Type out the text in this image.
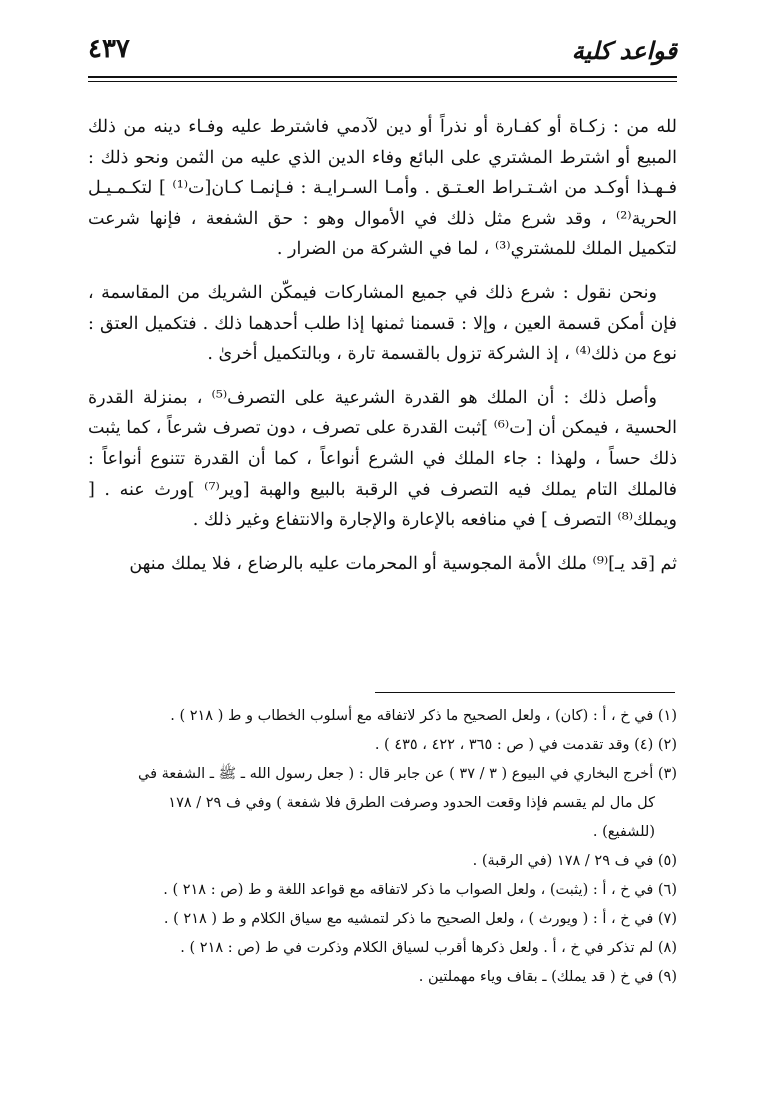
قواعد كلية
٤٣٧

لله من : زكـاة أو كفـارة أو نذراً أو دين لآدمي فاشترط عليه وفـاء دينه من ذلك المبيع أو اشترط المشتري على البائع وفاء الدين الذي عليه من الثمن ونحو ذلك : فـهـذا أوكـد من اشـتـراط العـتـق . وأمـا السـرايـة : فـإنمـا كـان[ت⁽¹⁾ ] لتكـمـيـل الحرية⁽²⁾ ، وقد شرع مثل ذلك في الأموال وهو : حق الشفعة ، فإنها شرعت لتكميل الملك للمشتري⁽³⁾ ، لما في الشركة من الضرار .

ونحن نقول : شرع ذلك في جميع المشاركات فيمكّن الشريك من المقاسمة ، فإن أمكن قسمة العين ، وإلا : قسمنا ثمنها إذا طلب أحدهما ذلك . فتكميل العتق : نوع من ذلك⁽⁴⁾ ، إذ الشركة تزول بالقسمة تارة ، وبالتكميل أخرىٰ .

وأصل ذلك : أن الملك هو القدرة الشرعية على التصرف⁽⁵⁾ ، بمنزلة القدرة الحسية ، فيمكن أن [ت⁽⁶⁾ ]ثبت القدرة على تصرف ، دون تصرف شرعاً ، كما يثبت ذلك حساً ، ولهذا : جاء الملك في الشرع أنواعاً ، كما أن القدرة تتنوع أنواعاً : فالملك التام يملك فيه التصرف في الرقبة بالبيع والهبة [وير⁽⁷⁾ ]ورث عنه . [ ويملك⁽⁸⁾ التصرف ] في منافعه بالإعارة والإجارة والانتفاع وغير ذلك .

ثم [قد يـ]⁽⁹⁾ ملك الأمة المجوسية أو المحرمات عليه بالرضاع ، فلا يملك منهن

(١) في خ ، أ : (كان) ، ولعل الصحيح ما ذكر لاتفاقه مع أسلوب الخطاب و ط ( ٢١٨ ) .

(٢) (٤) وقد تقدمت في ( ص : ٣٦٥ ، ٤٢٢ ، ٤٣٥ ) .

(٣) أخرج البخاري في البيوع ( ٣ / ٣٧ ) عن جابر قال : ( جعل رسول الله ـ ﷺ ـ الشفعة في

كل مال لم يقسم فإذا وقعت الحدود وصرفت الطرق فلا شفعة ) وفي ف ٢٩ / ١٧٨

(للشفيع) .

(٥) في ف ٢٩ / ١٧٨ (في الرقبة) .

(٦) في خ ، أ : (يثبت) ، ولعل الصواب ما ذكر لاتفاقه مع قواعد اللغة و ط (ص : ٢١٨ ) .

(٧) في خ ، أ : ( ويورث ) ، ولعل الصحيح ما ذكر لتمشيه مع سياق الكلام و ط ( ٢١٨ ) .

(٨) لم تذكر في خ ، أ . ولعل ذكرها أقرب لسياق الكلام وذكرت في ط (ص : ٢١٨ ) .

(٩) في خ ( قد يملك) ـ بقاف وياء مهملتين .
